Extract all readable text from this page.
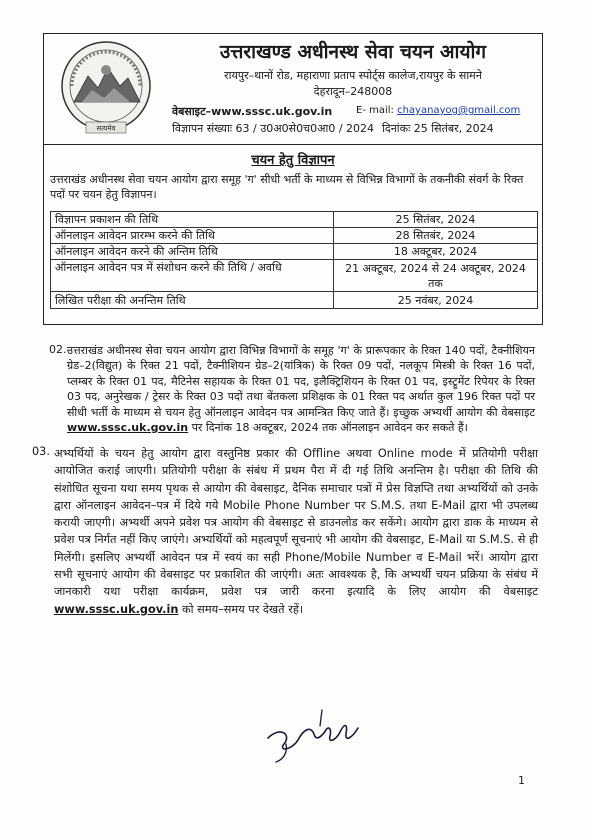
सत्यमेव
उत्तराखण्ड अधीनस्थ सेवा चयन आयोग
रायपुर–थानों रोड, महाराणा प्रताप स्पोर्ट्स कालेज,रायपुर के सामने
देहरादून–248008
वेबसाइट–www.sssc.uk.gov.in E- mail: chayanayog@gmail.com
विज्ञापन संख्याः 63 / उ0अ0से0च0आ0 / 2024 दिनांकः 25 सितंबर, 2024
चयन हेतु विज्ञापन
उत्तराखंड अधीनस्थ सेवा चयन आयोग द्वारा समूह 'ग' सीधी भर्ती के माध्यम से विभिन्न विभागों के तकनीकी संवर्ग के रिक्त पदों पर चयन हेतु विज्ञापन।
विज्ञापन प्रकाशन की तिथि	25 सितंबर, 2024
ऑनलाइन आवेदन प्रारम्भ करने की तिथि	28 सितबंर, 2024
ऑनलाइन आवेदन करने की अन्तिम तिथि	18 अक्टूबर, 2024
ऑनलाइन आवेदन पत्र में संशोधन करने की तिथि / अवधि	21 अक्टूबर, 2024 से 24 अक्टूबर, 2024 तक
लिखित परीक्षा की अनन्तिम तिथि	25 नवंबर, 2024
02.-
उत्तराखंड अधीनस्थ सेवा चयन आयोग द्वारा विभिन्न विभागों के समूह 'ग' के प्रारूपकार के रिक्त 140 पदों, टैक्नीशियन ग्रेड–2(विद्युत) के रिक्त 21 पदों, टैक्नीशियन ग्रेड–2(यांत्रिक) के रिक्त 09 पदों, नलकूप मिस्त्री के रिक्त 16 पदों, प्लम्बर के रिक्त 01 पद, मैटिनेस सहायक के रिक्त 01 पद, इलैक्ट्रिशियन के रिक्त 01 पद, इस्ट्रूमेंट रिपेयर के रिक्त 03 पद, अनुरेखक / ट्रेसर के रिक्त 03 पदों तथा बेंतकला प्रशिक्षक के 01 रिक्त पद अर्थात कुल 196 रिक्त पदों पर सीधी भर्ती के माध्यम से चयन हेतु ऑनलाइन आवेदन पत्र आमन्त्रित किए जाते हैं। इच्छुक अभ्यर्थी आयोग की वेबसाइट www.sssc.uk.gov.in पर दिनांक 18 अक्टूबर, 2024 तक ऑनलाइन आवेदन कर सकते हैं।
03. अभ्यर्थियों के चयन हेतु आयोग द्वारा वस्तुनिष्ठ प्रकार की Offline अथवा Online mode में प्रतियोगी परीक्षा आयोजित कराई जाएगी। प्रतियोगी परीक्षा के संबंध में प्रथम पैरा में दी गई तिथि अनन्तिम है। परीक्षा की तिथि की संशोधित सूचना यथा समय पृथक से आयोग की वेबसाइट, दैनिक समाचार पत्रों में प्रेस विज्ञप्ति तथा अभ्यर्थियों को उनके द्वारा ऑनलाइन आवेदन–पत्र में दिये गये Mobile Phone Number पर S.M.S. तथा E-Mail द्वारा भी उपलब्ध करायी जाएगी। अभ्यर्थी अपने प्रवेश पत्र आयोग की वेबसाइट से डाउनलोड कर सकेंगे। आयोग द्वारा डाक के माध्यम से प्रवेश पत्र निर्गत नहीं किए जाएंगे। अभ्यर्थियों को महत्वपूर्ण सूचनाएं भी आयोग की वेबसाइट, E-Mail या S.M.S. से ही मिलेंगी। इसलिए अभ्यर्थी आवेदन पत्र में स्वयं का सही Phone/Mobile Number व E-Mail भरें। आयोग द्वारा सभी सूचनाएं आयोग की वेबसाइट पर प्रकाशित की जाएंगी। अतः आवश्यक है, कि अभ्यर्थी चयन प्रक्रिया के संबंध में जानकारी यथा परीक्षा कार्यक्रम, प्रवेश पत्र जारी करना इत्यादि के लिए आयोग की वेबसाइट www.sssc.uk.gov.in को समय–समय पर देखते रहें।
1
